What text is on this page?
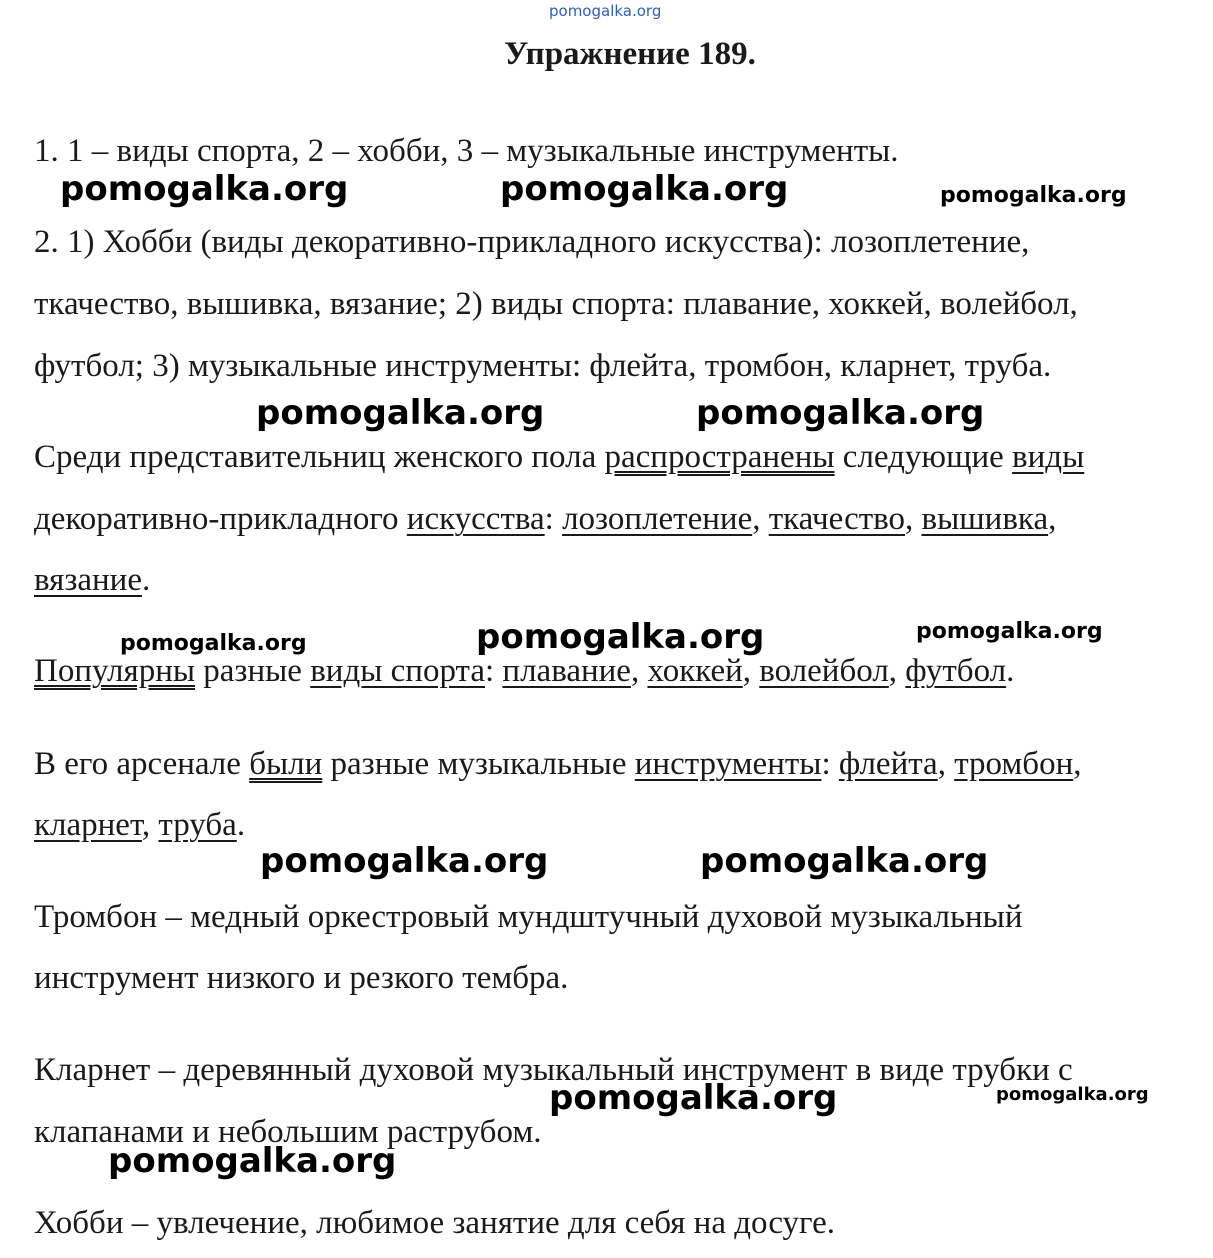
pomogalka.org
pomogalka.org	pomogalka.org	pomogalka.org
pomogalka.org	pomogalka.org
pomogalka.org	pomogalka.org	pomogalka.org
pomogalka.org	pomogalka.org
pomogalka.org	pomogalka.org
pomogalka.org
Упражнение 189.
1. 1 – виды спорта, 2 – хобби, 3 – музыкальные инструменты.
2. 1) Хобби (виды декоративно-прикладного искусства): лозоплетение,
ткачество, вышивка, вязание; 2) виды спорта: плавание, хоккей, волейбол,
футбол; 3) музыкальные инструменты: флейта, тромбон, кларнет, труба.
Среди представительниц женского пола распространены следующие виды
декоративно-прикладного искусства: лозоплетение, ткачество, вышивка,
вязание.
Популярны разные виды спорта: плавание, хоккей, волейбол, футбол.
В его арсенале были разные музыкальные инструменты: флейта, тромбон,
кларнет, труба.
Тромбон – медный оркестровый мундштучный духовой музыкальный
инструмент низкого и резкого тембра.
Кларнет – деревянный духовой музыкальный инструмент в виде трубки с
клапанами и небольшим раструбом.
Хобби – увлечение, любимое занятие для себя на досуге.
